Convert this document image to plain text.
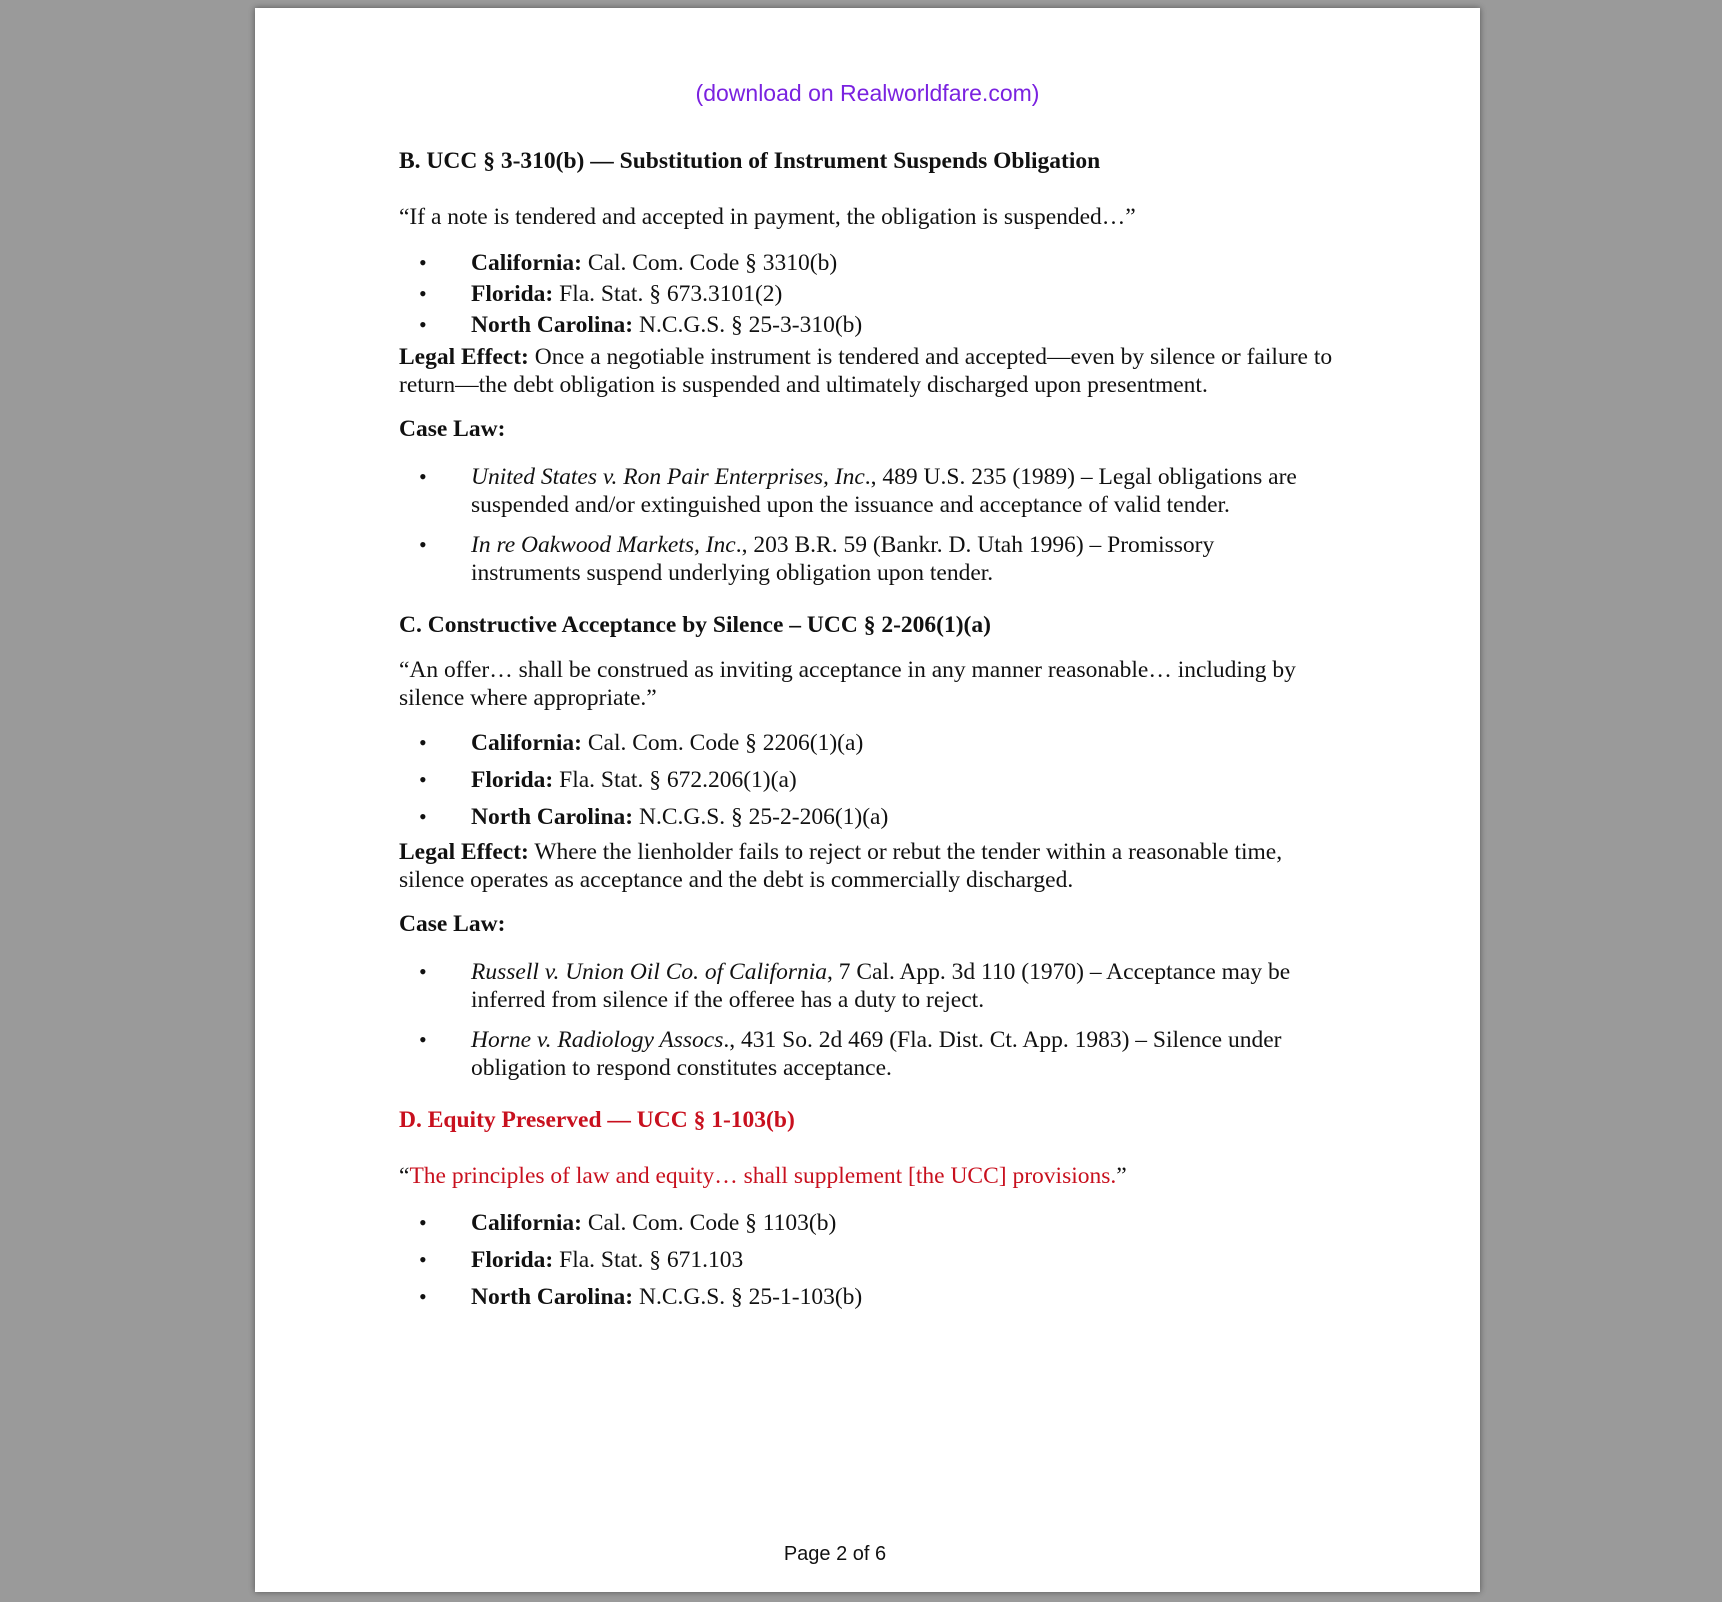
(download on Realworldfare.com)
B. UCC § 3-310(b) — Substitution of Instrument Suspends Obligation
“If a note is tendered and accepted in payment, the obligation is suspended…”
• California: Cal. Com. Code § 3310(b)
• Florida: Fla. Stat. § 673.3101(2)
• North Carolina: N.C.G.S. § 25-3-310(b)
Legal Effect: Once a negotiable instrument is tendered and accepted—even by silence or failure to return—the debt obligation is suspended and ultimately discharged upon presentment.
Case Law:
• United States v. Ron Pair Enterprises, Inc., 489 U.S. 235 (1989) – Legal obligations are suspended and/or extinguished upon the issuance and acceptance of valid tender.
• In re Oakwood Markets, Inc., 203 B.R. 59 (Bankr. D. Utah 1996) – Promissory instruments suspend underlying obligation upon tender.
C. Constructive Acceptance by Silence – UCC § 2-206(1)(a)
“An offer… shall be construed as inviting acceptance in any manner reasonable… including by silence where appropriate.”
• California: Cal. Com. Code § 2206(1)(a)
• Florida: Fla. Stat. § 672.206(1)(a)
• North Carolina: N.C.G.S. § 25-2-206(1)(a)
Legal Effect: Where the lienholder fails to reject or rebut the tender within a reasonable time, silence operates as acceptance and the debt is commercially discharged.
Case Law:
• Russell v. Union Oil Co. of California, 7 Cal. App. 3d 110 (1970) – Acceptance may be inferred from silence if the offeree has a duty to reject.
• Horne v. Radiology Assocs., 431 So. 2d 469 (Fla. Dist. Ct. App. 1983) – Silence under obligation to respond constitutes acceptance.
D. Equity Preserved — UCC § 1-103(b)
“The principles of law and equity… shall supplement [the UCC] provisions.”
• California: Cal. Com. Code § 1103(b)
• Florida: Fla. Stat. § 671.103
• North Carolina: N.C.G.S. § 25-1-103(b)
Page 2 of 6
